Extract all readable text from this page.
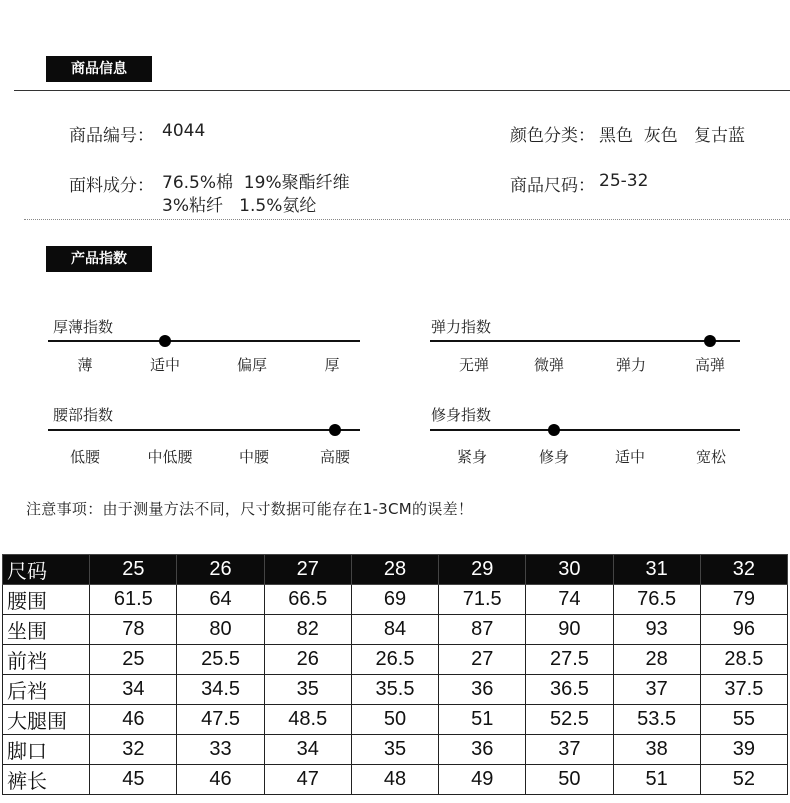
商品信息
商品编号： 4044	颜色分类： 黑色  灰色   复古蓝
面料成分： 76.5%棉  19%聚酯纤维
3%粘纤   1.5%氨纶
商品尺码： 25-32
产品指数
厚薄指数
薄	适中	偏厚	厚
弹力指数
无弹	微弹	弹力	高弹
腰部指数
低腰	中低腰	中腰	高腰
修身指数
紧身	修身	适中	宽松
注意事项：由于测量方法不同，尺寸数据可能存在1-3CM的误差！
尺码	25	26	27	28	29	30	31	32
腰围	61.5	64	66.5	69	71.5	74	76.5	79
坐围	78	80	82	84	87	90	93	96
前裆	25	25.5	26	26.5	27	27.5	28	28.5
后裆	34	34.5	35	35.5	36	36.5	37	37.5
大腿围	46	47.5	48.5	50	51	52.5	53.5	55
脚口	32	33	34	35	36	37	38	39
裤长	45	46	47	48	49	50	51	52
